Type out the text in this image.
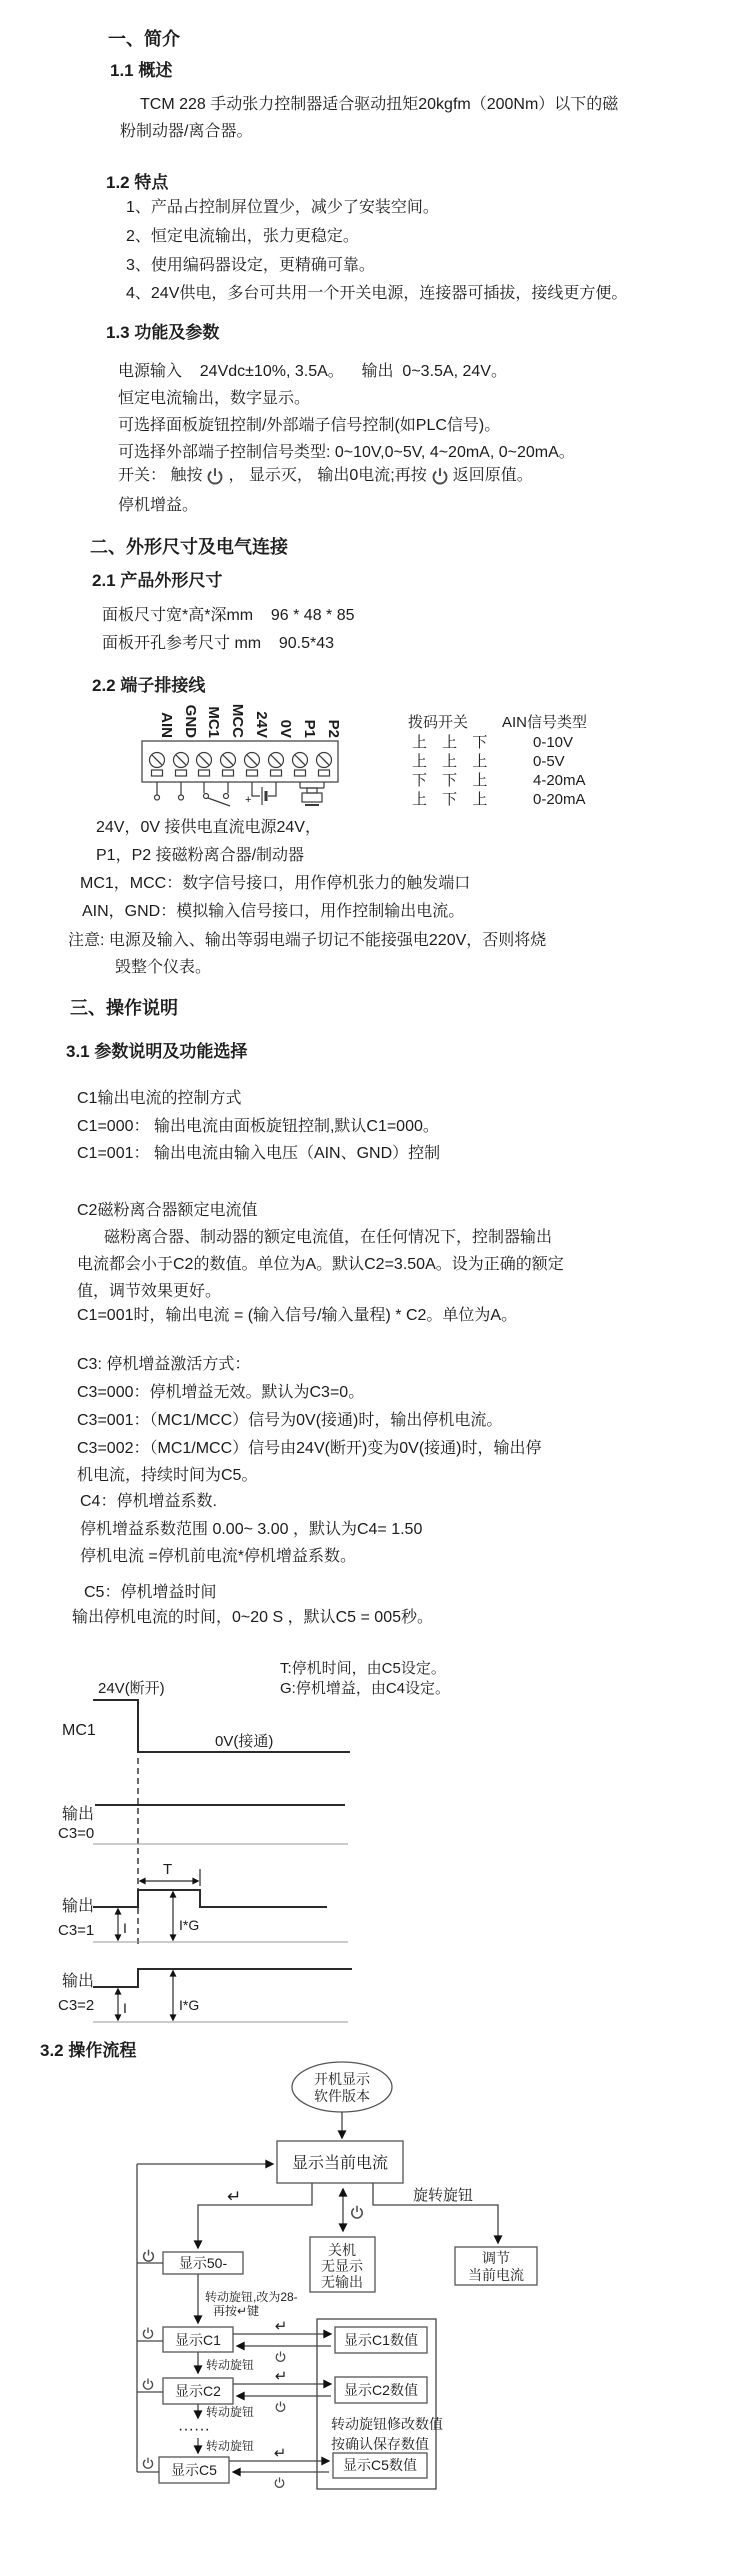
一、简介
1.1 概述
TCM 228 手动张力控制器适合驱动扭矩20kgfm（200Nm）以下的磁
粉制动器/离合器。
1.2 特点
1、产品占控制屏位置少，减少了安装空间。
2、恒定电流输出，张力更稳定。
3、使用编码器设定，更精确可靠。
4、24V供电，多台可共用一个开关电源，连接器可插拔，接线更方便。
1.3 功能及参数
电源输入    24Vdc±10%, 3.5A。    输出  0~3.5A, 24V。
恒定电流输出，数字显示。
可选择面板旋钮控制/外部端子信号控制(如PLC信号)。
可选择外部端子控制信号类型: 0~10V,0~5V, 4~20mA, 0~20mA。
开关： 触按 ， 显示灭， 输出0电流;再按 返回原值。
停机增益。
二、外形尺寸及电气连接
2.1 产品外形尺寸
面板尺寸宽*高*深mm    96 * 48 * 85
面板开孔参考尺寸 mm    90.5*43
2.2 端子排接线
AIN GND MC1 MCC 24V 0V P1 P2
+
拨码开关 AIN信号类型
上 上 下	0-10V
上 上 上	0-5V
下 下 上	4-20mA
上 下 上	0-20mA
24V，0V 接供电直流电源24V，
P1，P2 接磁粉离合器/制动器
MC1，MCC：数字信号接口，用作停机张力的触发端口
AIN，GND：模拟输入信号接口，用作控制输出电流。
注意: 电源及输入、输出等弱电端子切记不能接强电220V，否则将烧
毁整个仪表。
三、操作说明
3.1 参数说明及功能选择
C1输出电流的控制方式
C1=000： 输出电流由面板旋钮控制,默认C1=000。
C1=001： 输出电流由输入电压（AIN、GND）控制
C2磁粉离合器额定电流值
磁粉离合器、制动器的额定电流值，在任何情况下，控制器输出
电流都会小于C2的数值。单位为A。默认C2=3.50A。设为正确的额定
值，调节效果更好。
C1=001时，输出电流 = (输入信号/输入量程) * C2。单位为A。
C3: 停机增益激活方式：
C3=000：停机增益无效。默认为C3=0。
C3=001：（MC1/MCC）信号为0V(接通)时，输出停机电流。
C3=002：（MC1/MCC）信号由24V(断开)变为0V(接通)时，输出停
机电流，持续时间为C5。
C4：停机增益系数.
停机增益系数范围 0.00~ 3.00 ，默认为C4= 1.50
停机电流 =停机前电流*停机增益系数。
C5：停机增益时间
输出停机电流的时间，0~20 S ，默认C5 = 005秒。
T:停机时间，由C5设定。
G:停机增益，由C4设定。
24V(断开)
MC1
0V(接通)
输出
C3=0
T
输出
C3=1 I	I*G
输出
C3=2 I	I*G
3.2 操作流程
开机显示
软件版本
显示当前电流
↵	旋转旋钮
关机
无显示
无输出
调节
当前电流
显示50-
转动旋钮,改为28-
再按↵键
显示C1	显示C1数值
↵
转动旋钮
显示C2	显示C2数值
↵
转动旋钮
······
转动旋钮
转动旋钮修改数值
按确认保存数值
显示C5	显示C5数值
↵
